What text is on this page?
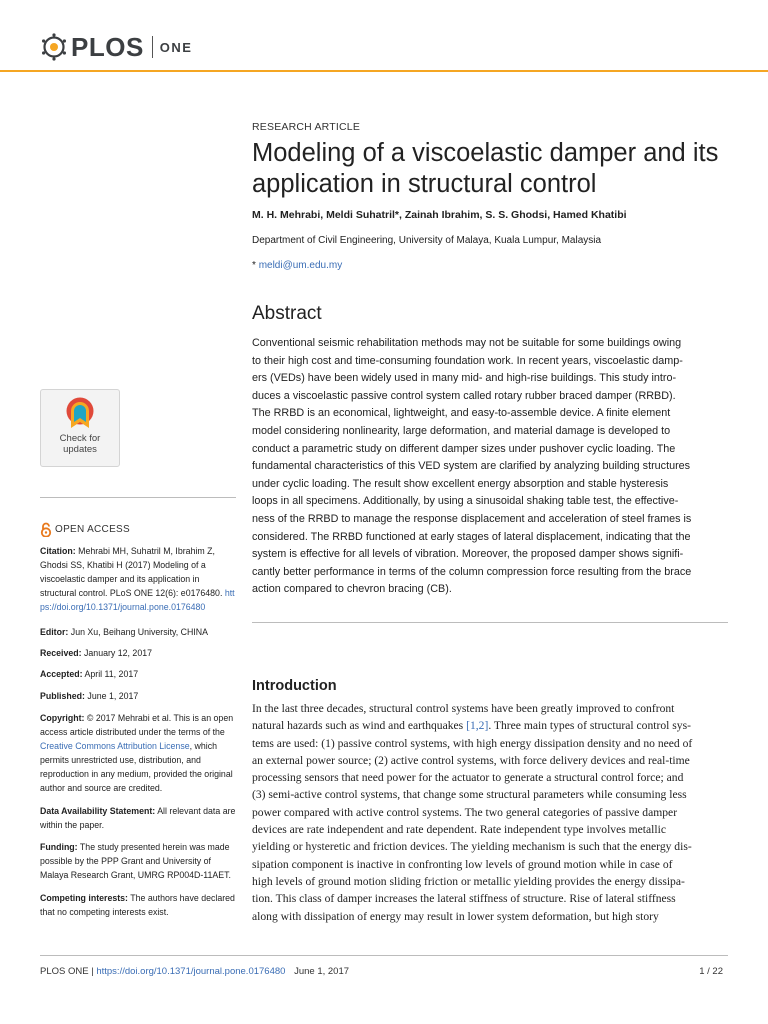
PLOS ONE
RESEARCH ARTICLE
Modeling of a viscoelastic damper and its application in structural control
M. H. Mehrabi, Meldi Suhatril*, Zainah Ibrahim, S. S. Ghodsi, Hamed Khatibi
Department of Civil Engineering, University of Malaya, Kuala Lumpur, Malaysia
* meldi@um.edu.my
Abstract
Conventional seismic rehabilitation methods may not be suitable for some buildings owing
to their high cost and time-consuming foundation work. In recent years, viscoelastic damp-
ers (VEDs) have been widely used in many mid- and high-rise buildings. This study intro-
duces a viscoelastic passive control system called rotary rubber braced damper (RRBD).
The RRBD is an economical, lightweight, and easy-to-assemble device. A finite element
model considering nonlinearity, large deformation, and material damage is developed to
conduct a parametric study on different damper sizes under pushover cyclic loading. The
fundamental characteristics of this VED system are clarified by analyzing building structures
under cyclic loading. The result show excellent energy absorption and stable hysteresis
loops in all specimens. Additionally, by using a sinusoidal shaking table test, the effective-
ness of the RRBD to manage the response displacement and acceleration of steel frames is
considered. The RRBD functioned at early stages of lateral displacement, indicating that the
system is effective for all levels of vibration. Moreover, the proposed damper shows signifi-
cantly better performance in terms of the column compression force resulting from the brace
action compared to chevron bracing (CB).
Introduction
In the last three decades, structural control systems have been greatly improved to confront
natural hazards such as wind and earthquakes [1,2]. Three main types of structural control sys-
tems are used: (1) passive control systems, with high energy dissipation density and no need of
an external power source; (2) active control systems, with force delivery devices and real-time
processing sensors that need power for the actuator to generate a structural control force; and
(3) semi-active control systems, that change some structural parameters while consuming less
power compared with active control systems. The two general categories of passive damper
devices are rate independent and rate dependent. Rate independent type involves metallic
yielding or hysteretic and friction devices. The yielding mechanism is such that the energy dis-
sipation component is inactive in confronting low levels of ground motion while in case of
high levels of ground motion sliding friction or metallic yielding provides the energy dissipa-
tion. This class of damper increases the lateral stiffness of structure. Rise of lateral stiffness
along with dissipation of energy may result in lower system deformation, but high story
Check for
updates
OPEN ACCESS
Citation: Mehrabi MH, Suhatril M, Ibrahim Z, Ghodsi SS, Khatibi H (2017) Modeling of a viscoelastic damper and its application in structural control. PLoS ONE 12(6): e0176480. https://doi.org/10.1371/journal.pone.0176480
Editor: Jun Xu, Beihang University, CHINA
Received: January 12, 2017
Accepted: April 11, 2017
Published: June 1, 2017
Copyright: © 2017 Mehrabi et al. This is an open access article distributed under the terms of the Creative Commons Attribution License, which permits unrestricted use, distribution, and reproduction in any medium, provided the original author and source are credited.
Data Availability Statement: All relevant data are within the paper.
Funding: The study presented herein was made possible by the PPP Grant and University of Malaya Research Grant, UMRG RP004D-11AET.
Competing interests: The authors have declared that no competing interests exist.
PLOS ONE | https://doi.org/10.1371/journal.pone.0176480 June 1, 2017	1 / 22
